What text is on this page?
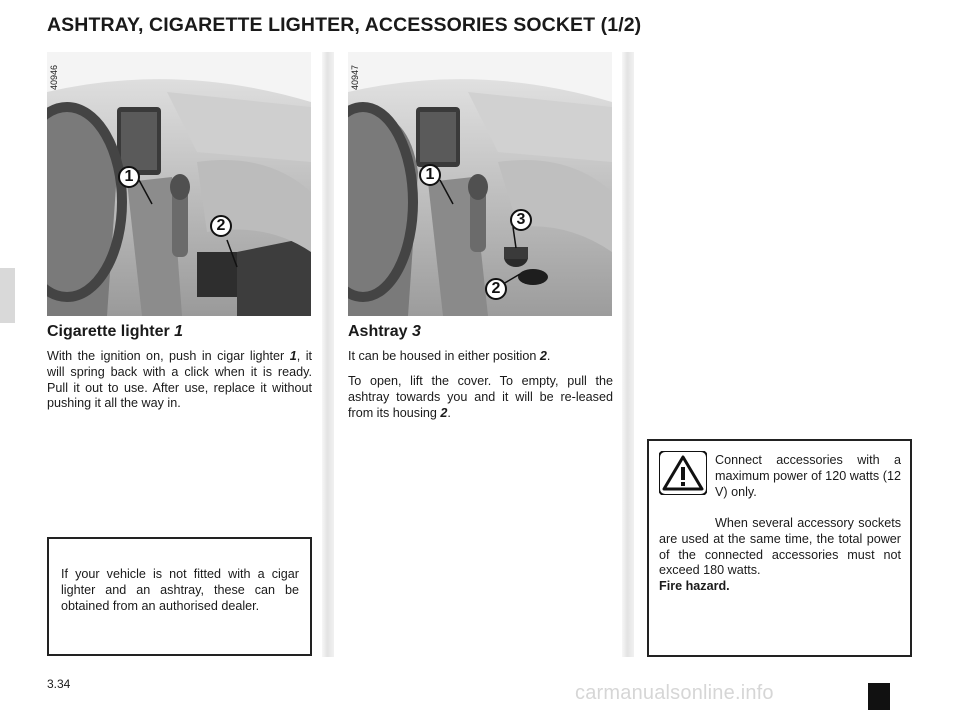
ASHTRAY, CIGARETTE LIGHTER, ACCESSORIES SOCKET (1/2)
40946
1
2
40947
1
3
2
Cigarette lighter 1
With the ignition on, push in cigar lighter 1, it will spring back with a click when it is ready. Pull it out to use. After use, replace it without pushing it all the way in.

If your vehicle is not fitted with a cigar lighter and an ashtray, these can be obtained from an authorised dealer.

Ashtray 3
It can be housed in either position 2.
To open, lift the cover. To empty, pull the ashtray towards you and it will be re-leased from its housing 2.
Connect accessories with a maximum power of 120 watts (12 V) only.
When several accessory sockets are used at the same time, the total power of the connected accessories must not exceed 180 watts.
Fire hazard.
3.34	carmanualsonline.info
